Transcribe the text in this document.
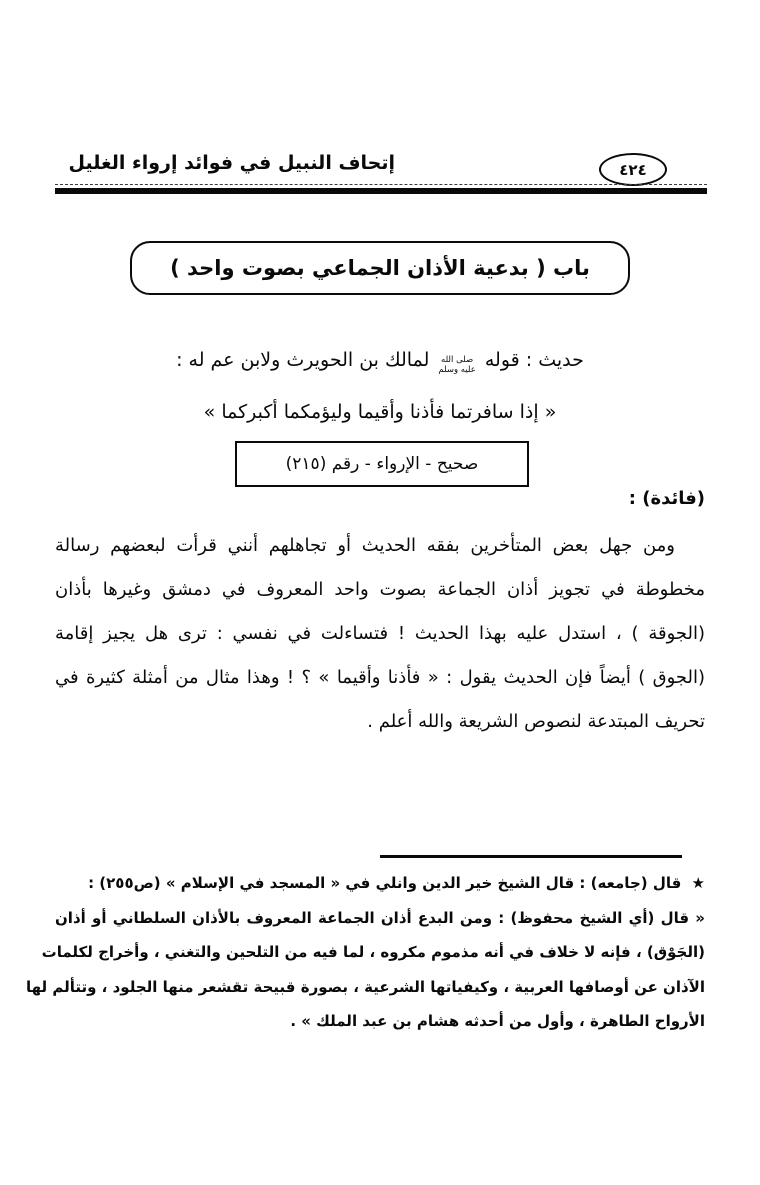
إتحاف النبيل في فوائد إرواء الغليل	٤٢٤
باب ( بدعية الأذان الجماعي بصوت واحد )
حديث : قوله
صلى الله
عليه وسلم
لمالك بن الحويرث ولابن عم له :
« إذا سافرتما فأذنا وأقيما وليؤمكما أكبركما »
صحيح - الإرواء - رقم (٢١٥)
(فائدة) :
ومن جهل بعض المتأخرين بفقه الحديث أو تجاهلهم أنني قرأت لبعضهم رسالة
مخطوطة في تجويز أذان الجماعة بصوت واحد المعروف في دمشق وغيرها بأذان
(الجوقة ) ، استدل عليه بهذا الحديث ! فتساءلت في نفسي : ترى هل يجيز إقامة
(الجوق ) أيضاً فإن الحديث يقول : « فأذنا وأقيما » ؟ ! وهذا مثال من أمثلة كثيرة في
تحريف المبتدعة لنصوص الشريعة والله أعلم .
★ قال (جامعه) : قال الشيخ خير الدين وانلي في « المسجد في الإسلام » (ص٢٥٥) :
« قال (أي الشيخ محفوظ) : ومن البدع أذان الجماعة المعروف بالأذان السلطاني أو أذان
(الجَوْق) ، فإنه لا خلاف في أنه مذموم مكروه ، لما فيه من التلحين والتغني ، وأخراج لكلمات
الآذان عن أوصافها العربية ، وكيفياتها الشرعية ، بصورة قبيحة تقشعر منها الجلود ، وتتألم لها
الأرواح الطاهرة ، وأول من أحدثه هشام بن عبد الملك » .
